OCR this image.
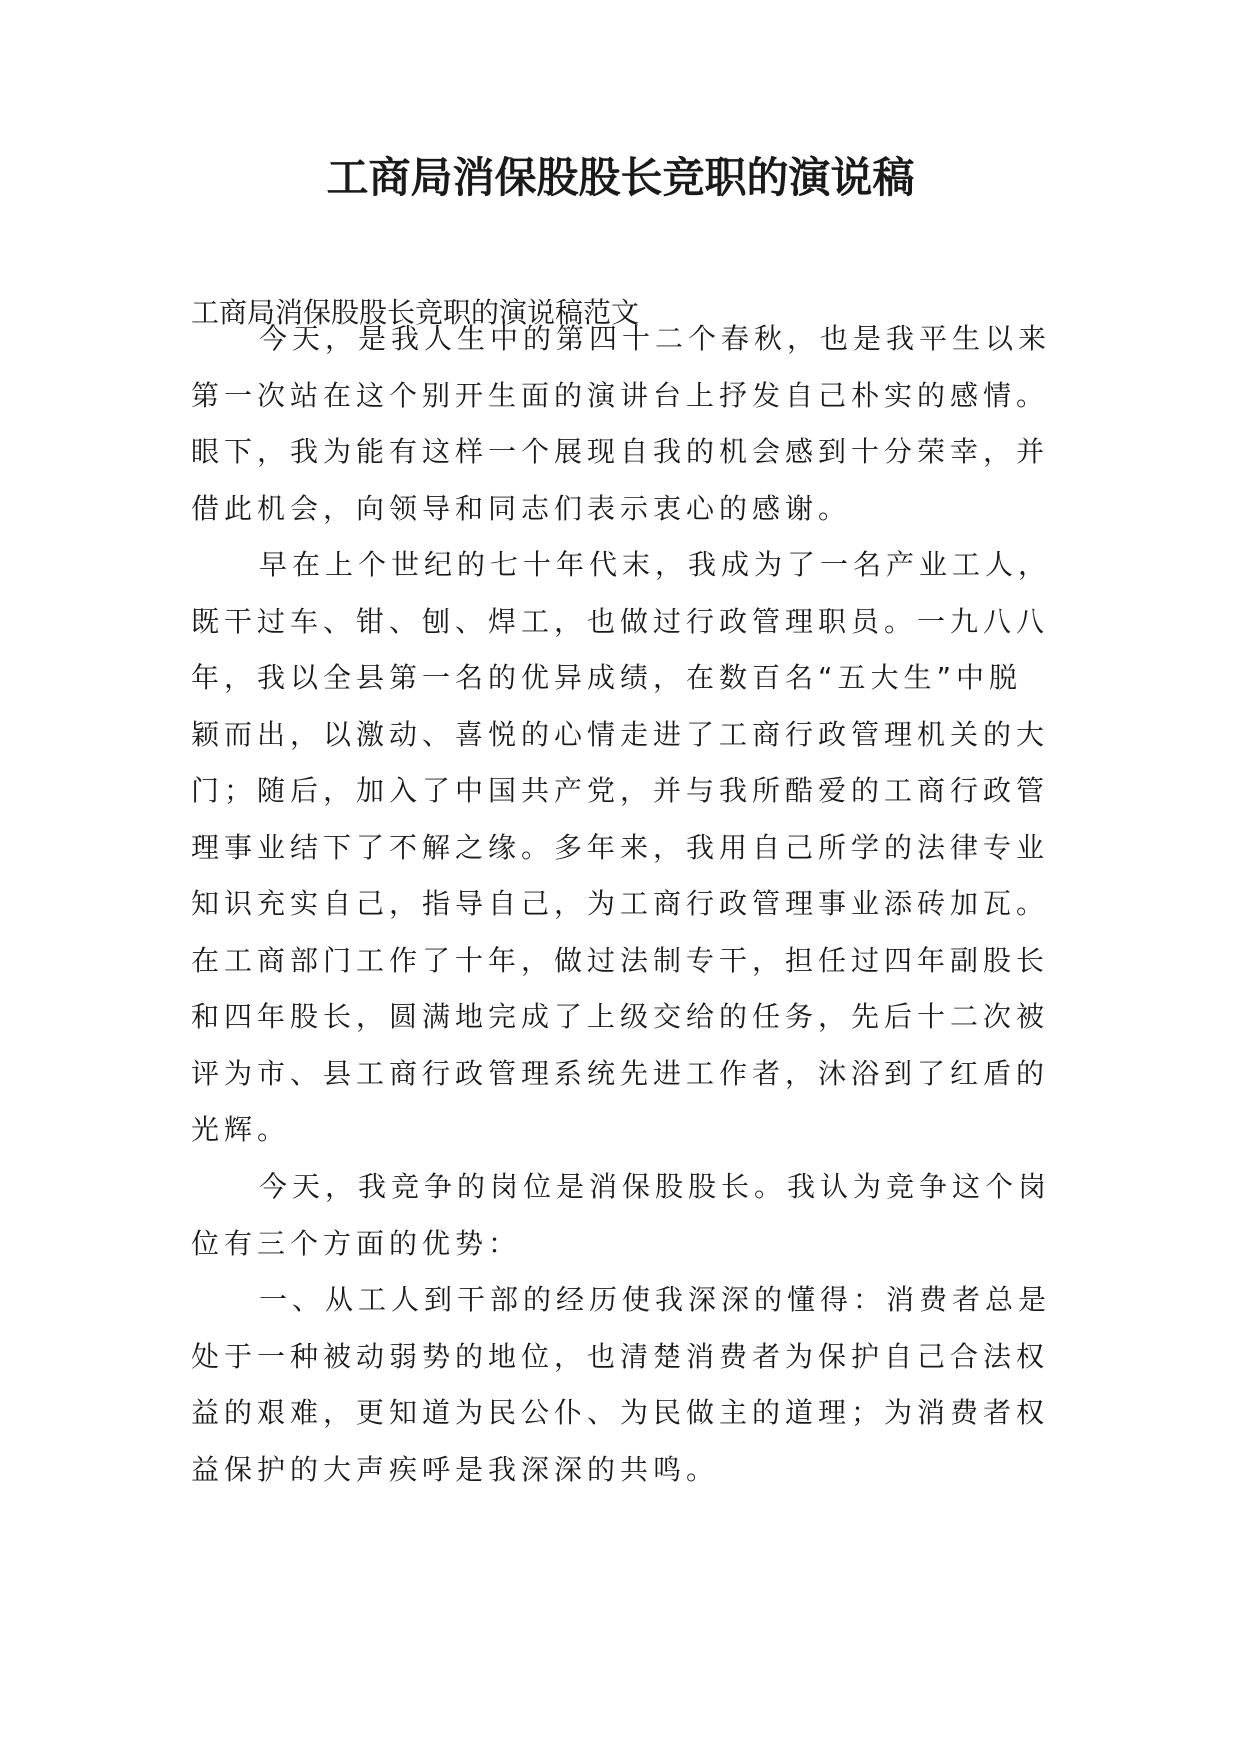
工商局消保股股长竞职的演说稿

工商局消保股股长竞职的演说稿范文

今天，是我人生中的第四十二个春秋，也是我平生以来
第一次站在这个别开生面的演讲台上抒发自己朴实的感情。
眼下，我为能有这样一个展现自我的机会感到十分荣幸，并
借此机会，向领导和同志们表示衷心的感谢。

早在上个世纪的七十年代末，我成为了一名产业工人，
既干过车、钳、刨、焊工，也做过行政管理职员。一九八八
年，我以全县第一名的优异成绩，在数百名“五大生”中脱
颖而出，以激动、喜悦的心情走进了工商行政管理机关的大
门；随后，加入了中国共产党，并与我所酷爱的工商行政管
理事业结下了不解之缘。多年来，我用自己所学的法律专业
知识充实自己，指导自己，为工商行政管理事业添砖加瓦。
在工商部门工作了十年，做过法制专干，担任过四年副股长
和四年股长，圆满地完成了上级交给的任务，先后十二次被
评为市、县工商行政管理系统先进工作者，沐浴到了红盾的
光辉。

今天，我竞争的岗位是消保股股长。我认为竞争这个岗
位有三个方面的优势：

一、从工人到干部的经历使我深深的懂得：消费者总是
处于一种被动弱势的地位，也清楚消费者为保护自己合法权
益的艰难，更知道为民公仆、为民做主的道理；为消费者权
益保护的大声疾呼是我深深的共鸣。
